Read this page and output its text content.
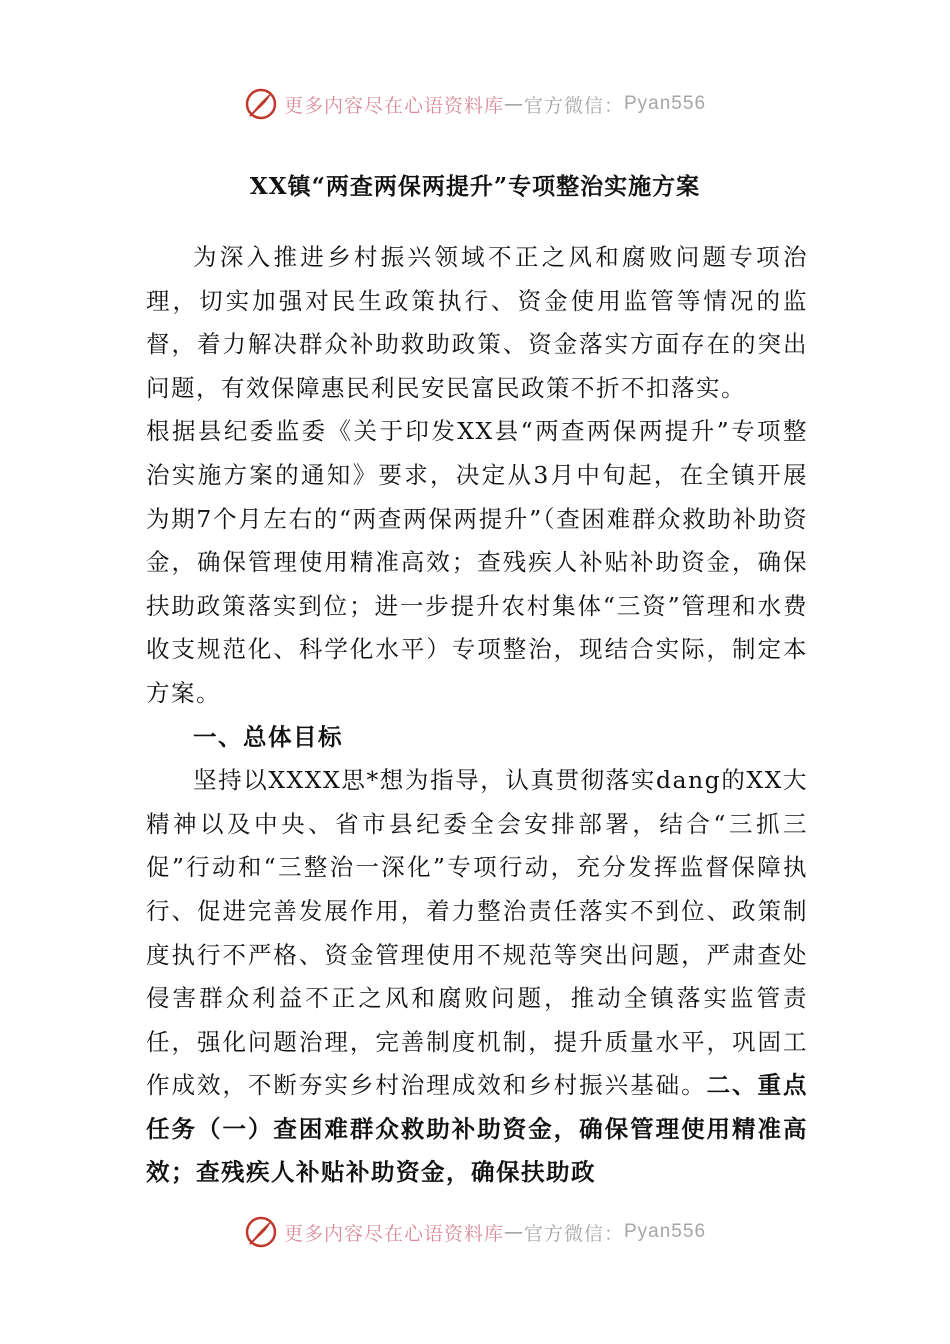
更多内容尽在心语资料库 — 官方微信： Pyan556
XX镇“两查两保两提升”专项整治实施方案

为深入推进乡村振兴领域不正之风和腐败问题专项治理，切实加强对民生政策执行、资金使用监管等情况的监督，着力解决群众补助救助政策、资金落实方面存在的突出问题，有效保障惠民利民安民富民政策不折不扣落实。

根据县纪委监委《关于印发XX县“两查两保两提升”专项整治实施方案的通知》要求，决定从3月中旬起，在全镇开展为期7个月左右的“两查两保两提升”（查困难群众救助补助资金，确保管理使用精准高效；查残疾人补贴补助资金，确保扶助政策落实到位；进一步提升农村集体“三资”管理和水费收支规范化、科学化水平）专项整治，现结合实际，制定本方案。

一、总体目标

坚持以XXXX思*想为指导，认真贯彻落实dang的XX大精神以及中央、省市县纪委全会安排部署，结合“三抓三促”行动和“三整治一深化”专项行动，充分发挥监督保障执行、促进完善发展作用，着力整治责任落实不到位、政策制度执行不严格、资金管理使用不规范等突出问题，严肃查处侵害群众利益不正之风和腐败问题，推动全镇落实监管责任，强化问题治理，完善制度机制，提升质量水平，巩固工作成效，不断夯实乡村治理成效和乡村振兴基础。二、重点任务（一）查困难群众救助补助资金，确保管理使用精准高效；查残疾人补贴补助资金，确保扶助政

更多内容尽在心语资料库 — 官方微信： Pyan556
